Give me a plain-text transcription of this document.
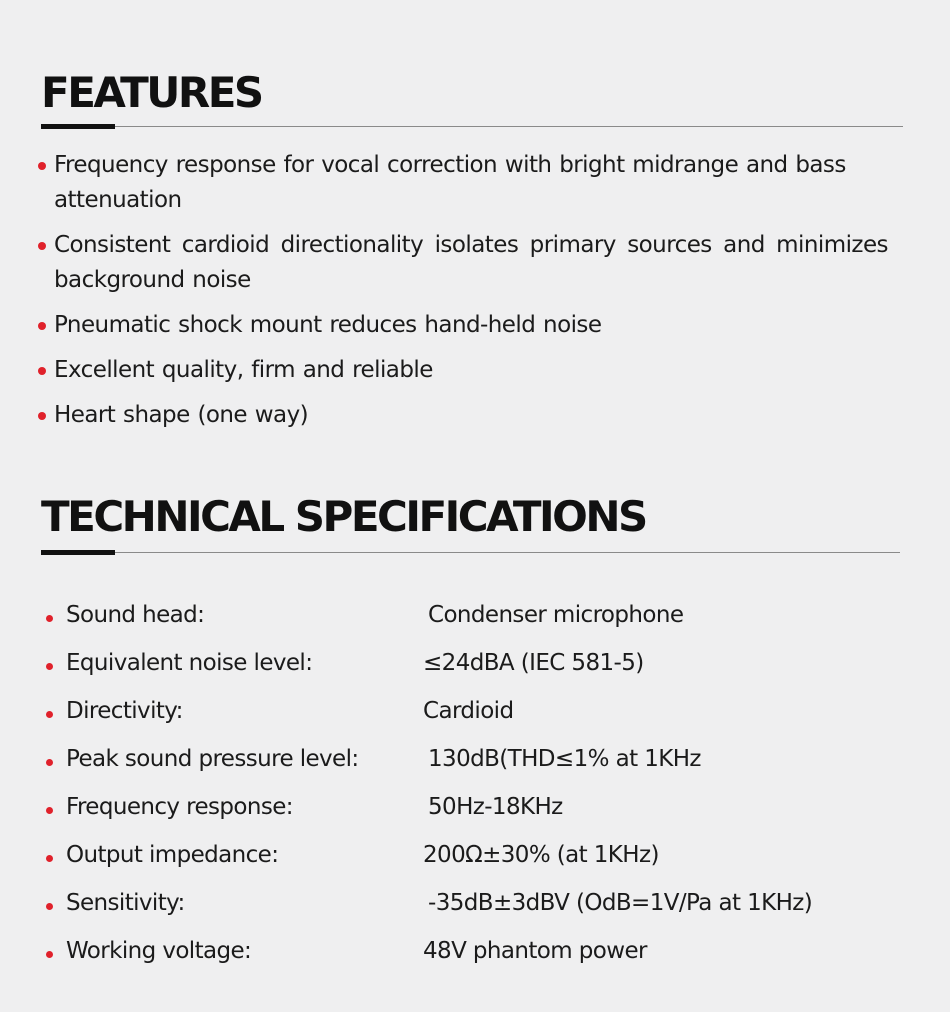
FEATURES
Frequency response for vocal correction with bright midrange and bass attenuation
Consistent cardioid directionality isolates primary sources and minimizes background noise
Pneumatic shock mount reduces hand-held noise
Excellent quality, firm and reliable
Heart shape (one way)
TECHNICAL SPECIFICATIONS
Sound head:	Condenser microphone
Equivalent noise level:	≤24dBA (IEC 581-5)
Directivity:	Cardioid
Peak sound pressure level:	130dB(THD≤1% at 1KHz
Frequency response:	50Hz-18KHz
Output impedance:	200Ω±30% (at 1KHz)
Sensitivity:	-35dB±3dBV (OdB=1V/Pa at 1KHz)
Working voltage:	48V phantom power
